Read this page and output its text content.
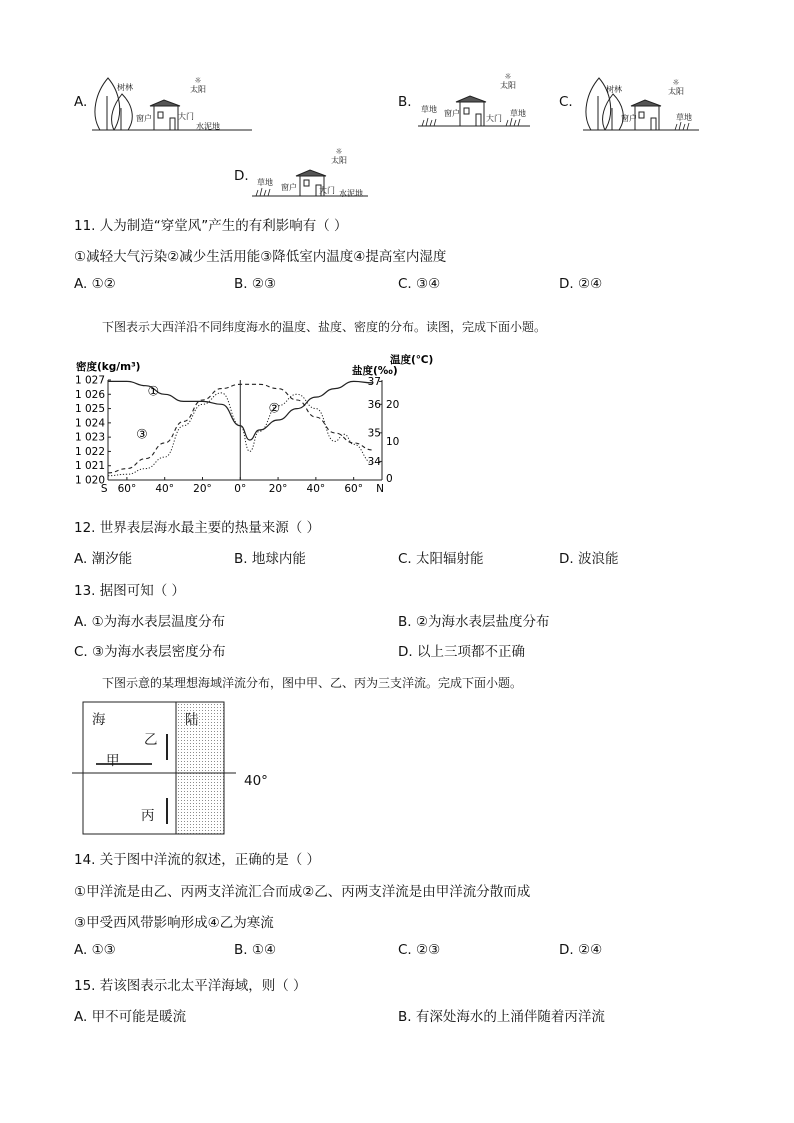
A.
树林
☼
太阳
窗户	大门
水泥地
B.
☼
太阳
草地 窗户
大门
草地
C.
树林
☼
太阳
窗户	草地
D.
☼
太阳
草地
窗户	大门 水泥地
11. 人为制造“穿堂风”产生的有利影响有（ ）
①减轻大气污染②减少生活用能③降低室内温度④提高室内湿度
A. ①②	B. ②③	C. ③④	D. ②④
下图表示大西洋沿不同纬度海水的温度、盐度、密度的分布。读图，完成下面小题。
密度(kg/m³)	盐度(‰)
温度(℃)
1 027
1 026
1 025
1 024
1 023
1 022
1 021
1 020
37
36
35
34
20
10
0
S 60° 40° 20° 0° 20° 40° 60° N
①
②
③
12. 世界表层海水最主要的热量来源（ ）
A. 潮汐能	B. 地球内能	C. 太阳辐射能	D. 波浪能
13. 据图可知（ ）
A. ①为海水表层温度分布	B. ②为海水表层盐度分布
C. ③为海水表层密度分布	D. 以上三项都不正确
下图示意的某理想海域洋流分布，图中甲、乙、丙为三支洋流。完成下面小题。
海	陆
乙
甲
丙
40°
14. 关于图中洋流的叙述，正确的是（ ）
①甲洋流是由乙、丙两支洋流汇合而成②乙、丙两支洋流是由甲洋流分散而成
③甲受西风带影响形成④乙为寒流
A. ①③	B. ①④	C. ②③	D. ②④
15. 若该图表示北太平洋海域，则（ ）
A. 甲不可能是暖流	B. 有深处海水的上涌伴随着丙洋流
